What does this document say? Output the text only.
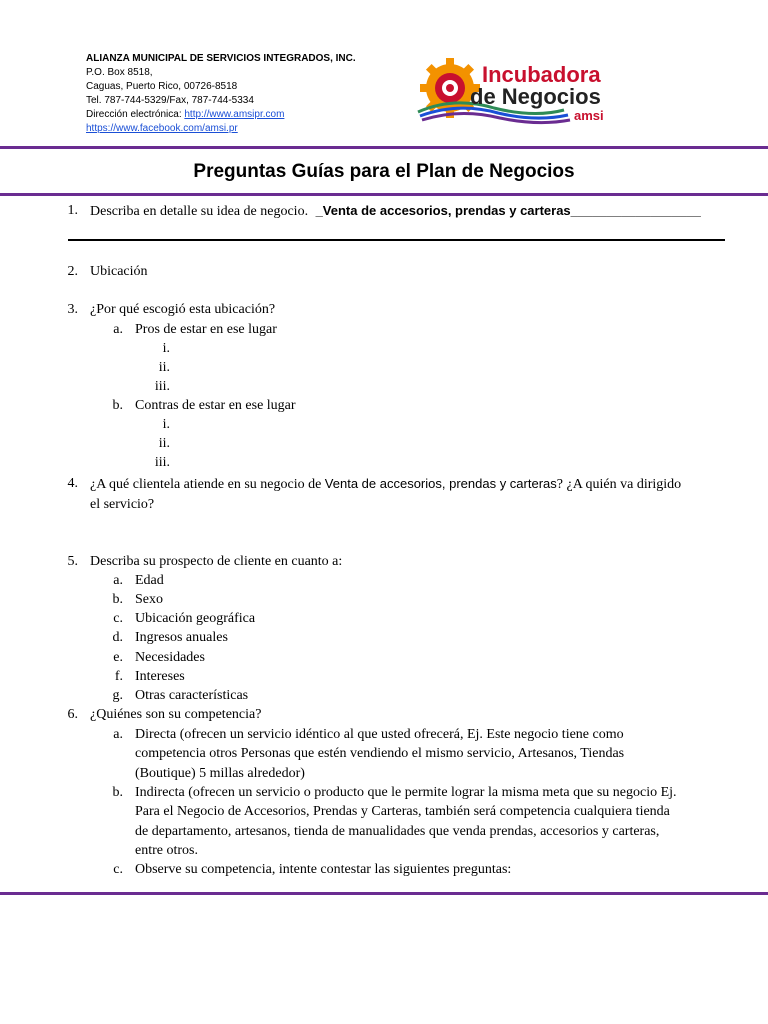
ALIANZA MUNICIPAL DE SERVICIOS INTEGRADOS, INC.
P.O. Box 8518,
Caguas, Puerto Rico, 00726-8518
Tel. 787-744-5329/Fax, 787-744-5334
Dirección electrónica: http://www.amsipr.com
https://www.facebook.com/amsi.pr
Incubadora
de Negocios
amsi
Preguntas Guías para el Plan de Negocios
1. Describa en detalle su idea de negocio. _Venta de accesorios, prendas y carteras__________________
2. Ubicación
3. ¿Por qué escogió esta ubicación?
a. Pros de estar en ese lugar
i.
ii.
iii.
b. Contras de estar en ese lugar
i.
ii.
iii.
4. ¿A qué clientela atiende en su negocio de Venta de accesorios, prendas y carteras? ¿A quién va dirigido
el servicio?
5. Describa su prospecto de cliente en cuanto a:
a. Edad
b. Sexo
c. Ubicación geográfica
d. Ingresos anuales
e. Necesidades
f. Intereses
g. Otras características
6. ¿Quiénes son su competencia?
a. Directa (ofrecen un servicio idéntico al que usted ofrecerá, Ej. Este negocio tiene como
competencia otros Personas que estén vendiendo el mismo servicio, Artesanos, Tiendas
(Boutique) 5 millas alrededor)
b. Indirecta (ofrecen un servicio o producto que le permite lograr la misma meta que su negocio Ej.
Para el Negocio de Accesorios, Prendas y Carteras, también será competencia cualquiera tienda
de departamento, artesanos, tienda de manualidades que venda prendas, accesorios y carteras,
entre otros.
c. Observe su competencia, intente contestar las siguientes preguntas:
